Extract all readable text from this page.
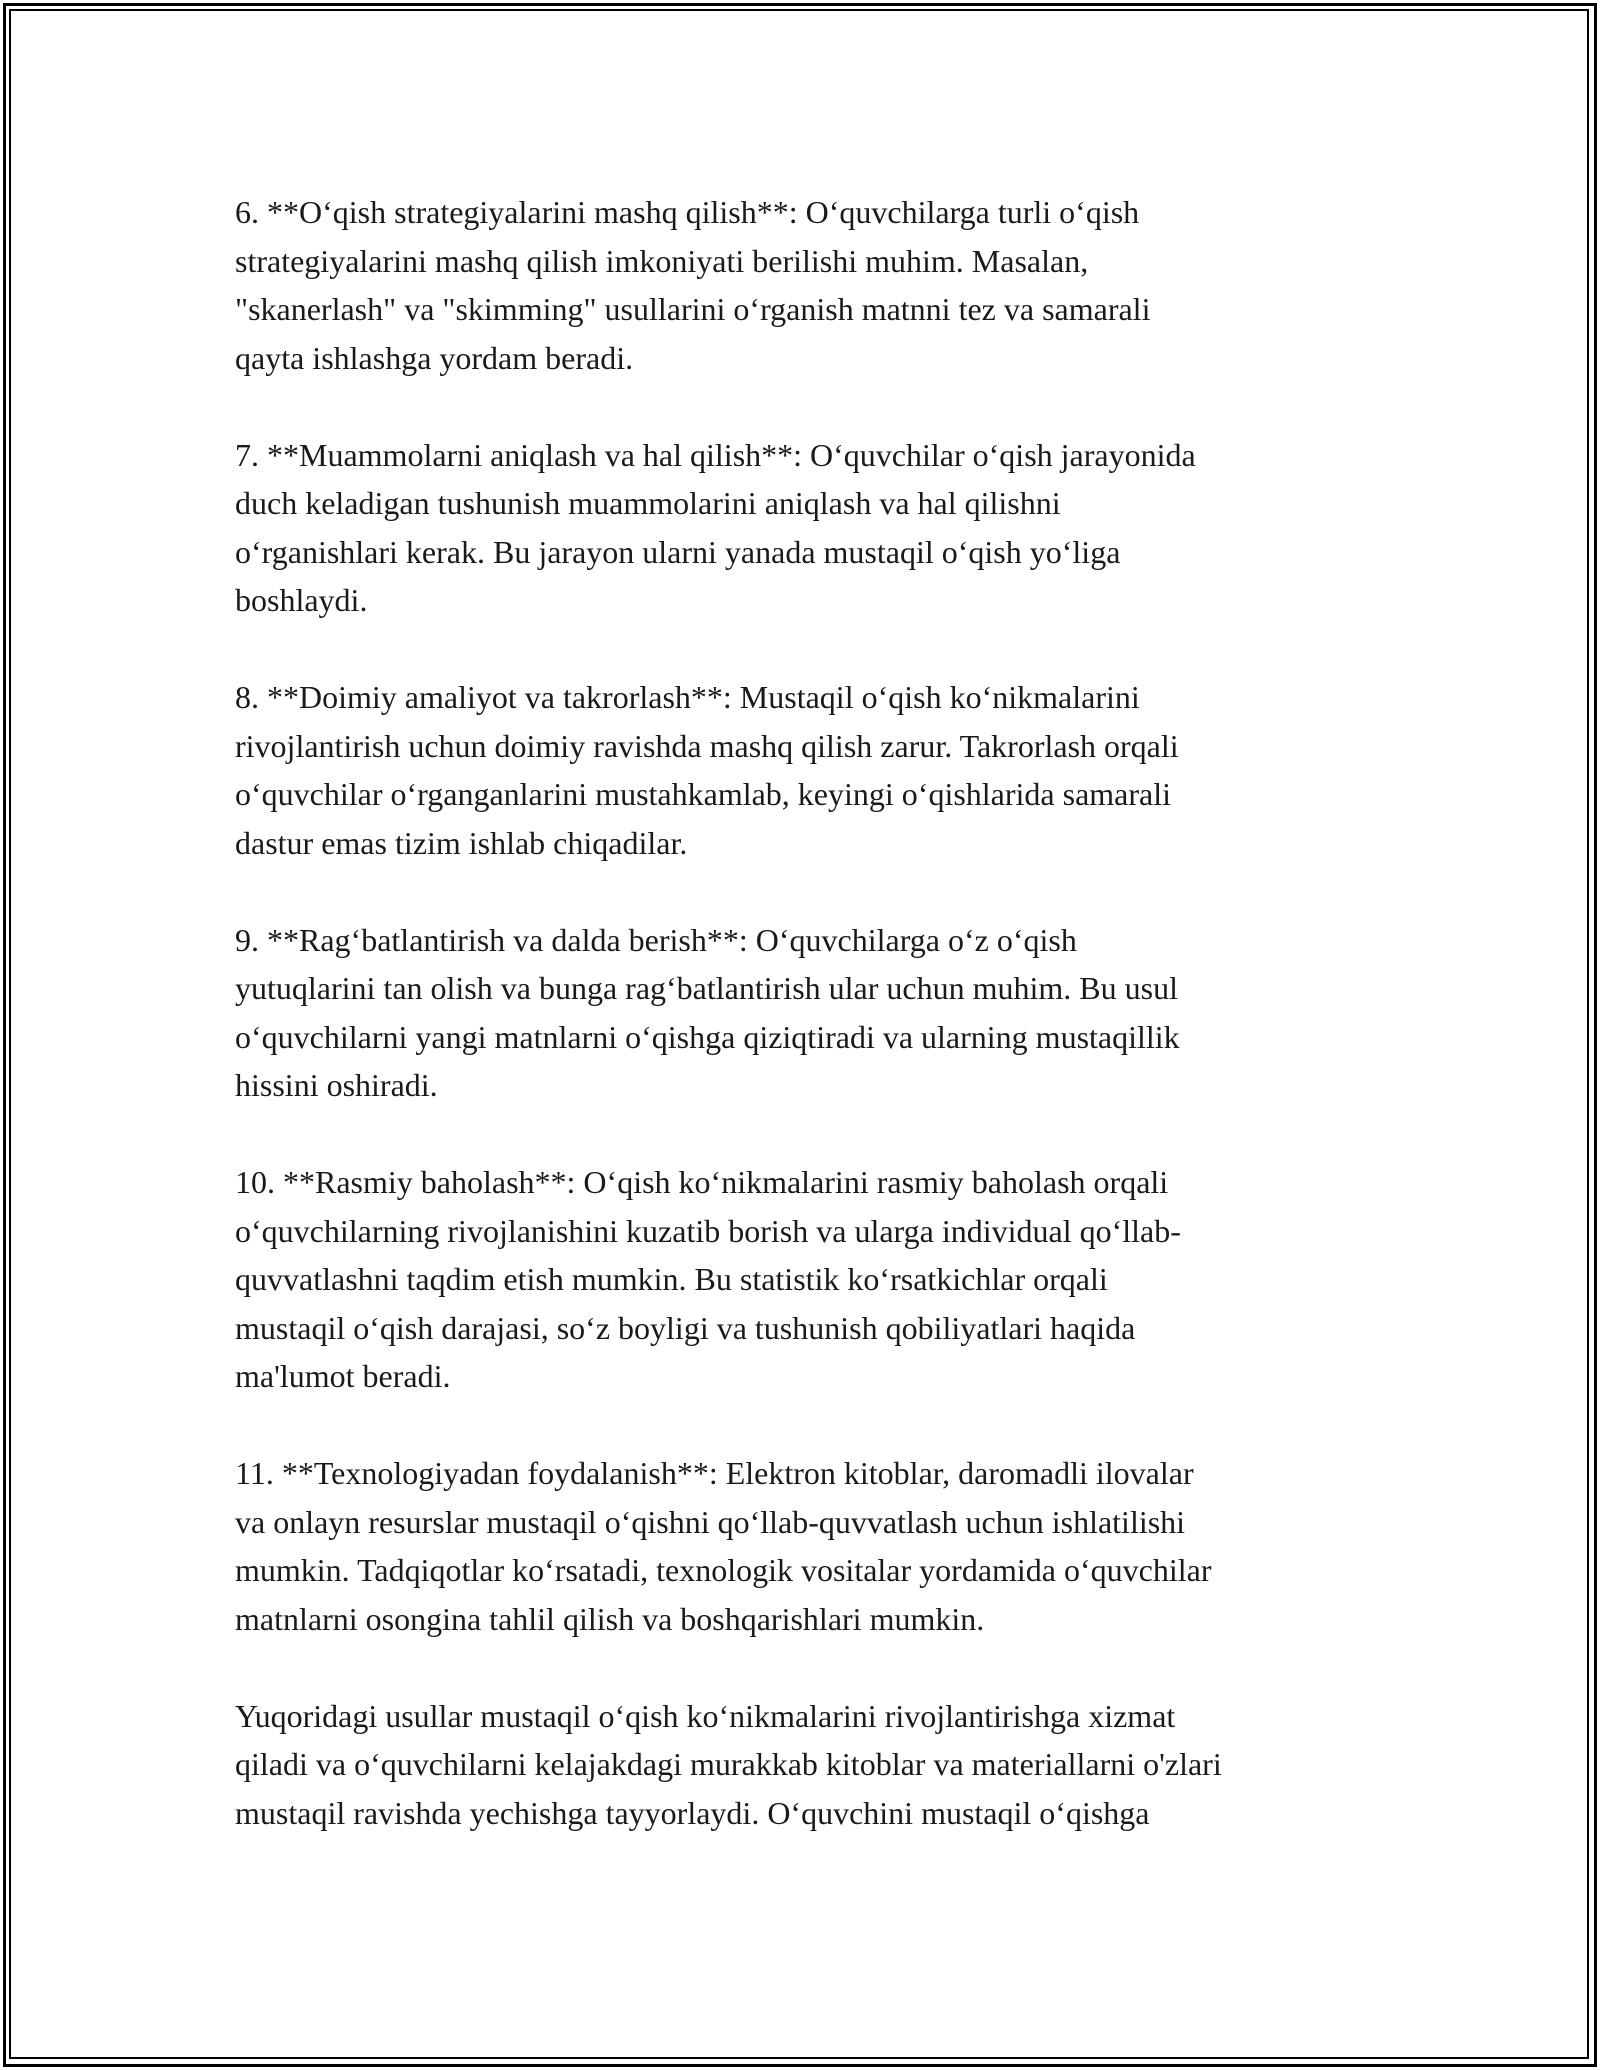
6. **O‘qish strategiyalarini mashq qilish**: O‘quvchilarga turli o‘qish
strategiyalarini mashq qilish imkoniyati berilishi muhim. Masalan,
"skanerlash" va "skimming" usullarini o‘rganish matnni tez va samarali
qayta ishlashga yordam beradi.

7. **Muammolarni aniqlash va hal qilish**: O‘quvchilar o‘qish jarayonida
duch keladigan tushunish muammolarini aniqlash va hal qilishni
o‘rganishlari kerak. Bu jarayon ularni yanada mustaqil o‘qish yo‘liga
boshlaydi.

8. **Doimiy amaliyot va takrorlash**: Mustaqil o‘qish ko‘nikmalarini
rivojlantirish uchun doimiy ravishda mashq qilish zarur. Takrorlash orqali
o‘quvchilar o‘rganganlarini mustahkamlab, keyingi o‘qishlarida samarali
dastur emas tizim ishlab chiqadilar.

9. **Rag‘batlantirish va dalda berish**: O‘quvchilarga o‘z o‘qish
yutuqlarini tan olish va bunga rag‘batlantirish ular uchun muhim. Bu usul
o‘quvchilarni yangi matnlarni o‘qishga qiziqtiradi va ularning mustaqillik
hissini oshiradi.

10. **Rasmiy baholash**: O‘qish ko‘nikmalarini rasmiy baholash orqali
o‘quvchilarning rivojlanishini kuzatib borish va ularga individual qo‘llab-
quvvatlashni taqdim etish mumkin. Bu statistik ko‘rsatkichlar orqali
mustaqil o‘qish darajasi, so‘z boyligi va tushunish qobiliyatlari haqida
ma'lumot beradi.

11. **Texnologiyadan foydalanish**: Elektron kitoblar, daromadli ilovalar
va onlayn resurslar mustaqil o‘qishni qo‘llab-quvvatlash uchun ishlatilishi
mumkin. Tadqiqotlar ko‘rsatadi, texnologik vositalar yordamida o‘quvchilar
matnlarni osongina tahlil qilish va boshqarishlari mumkin.

Yuqoridagi usullar mustaqil o‘qish ko‘nikmalarini rivojlantirishga xizmat
qiladi va o‘quvchilarni kelajakdagi murakkab kitoblar va materiallarni o'zlari
mustaqil ravishda yechishga tayyorlaydi. O‘quvchini mustaqil o‘qishga
